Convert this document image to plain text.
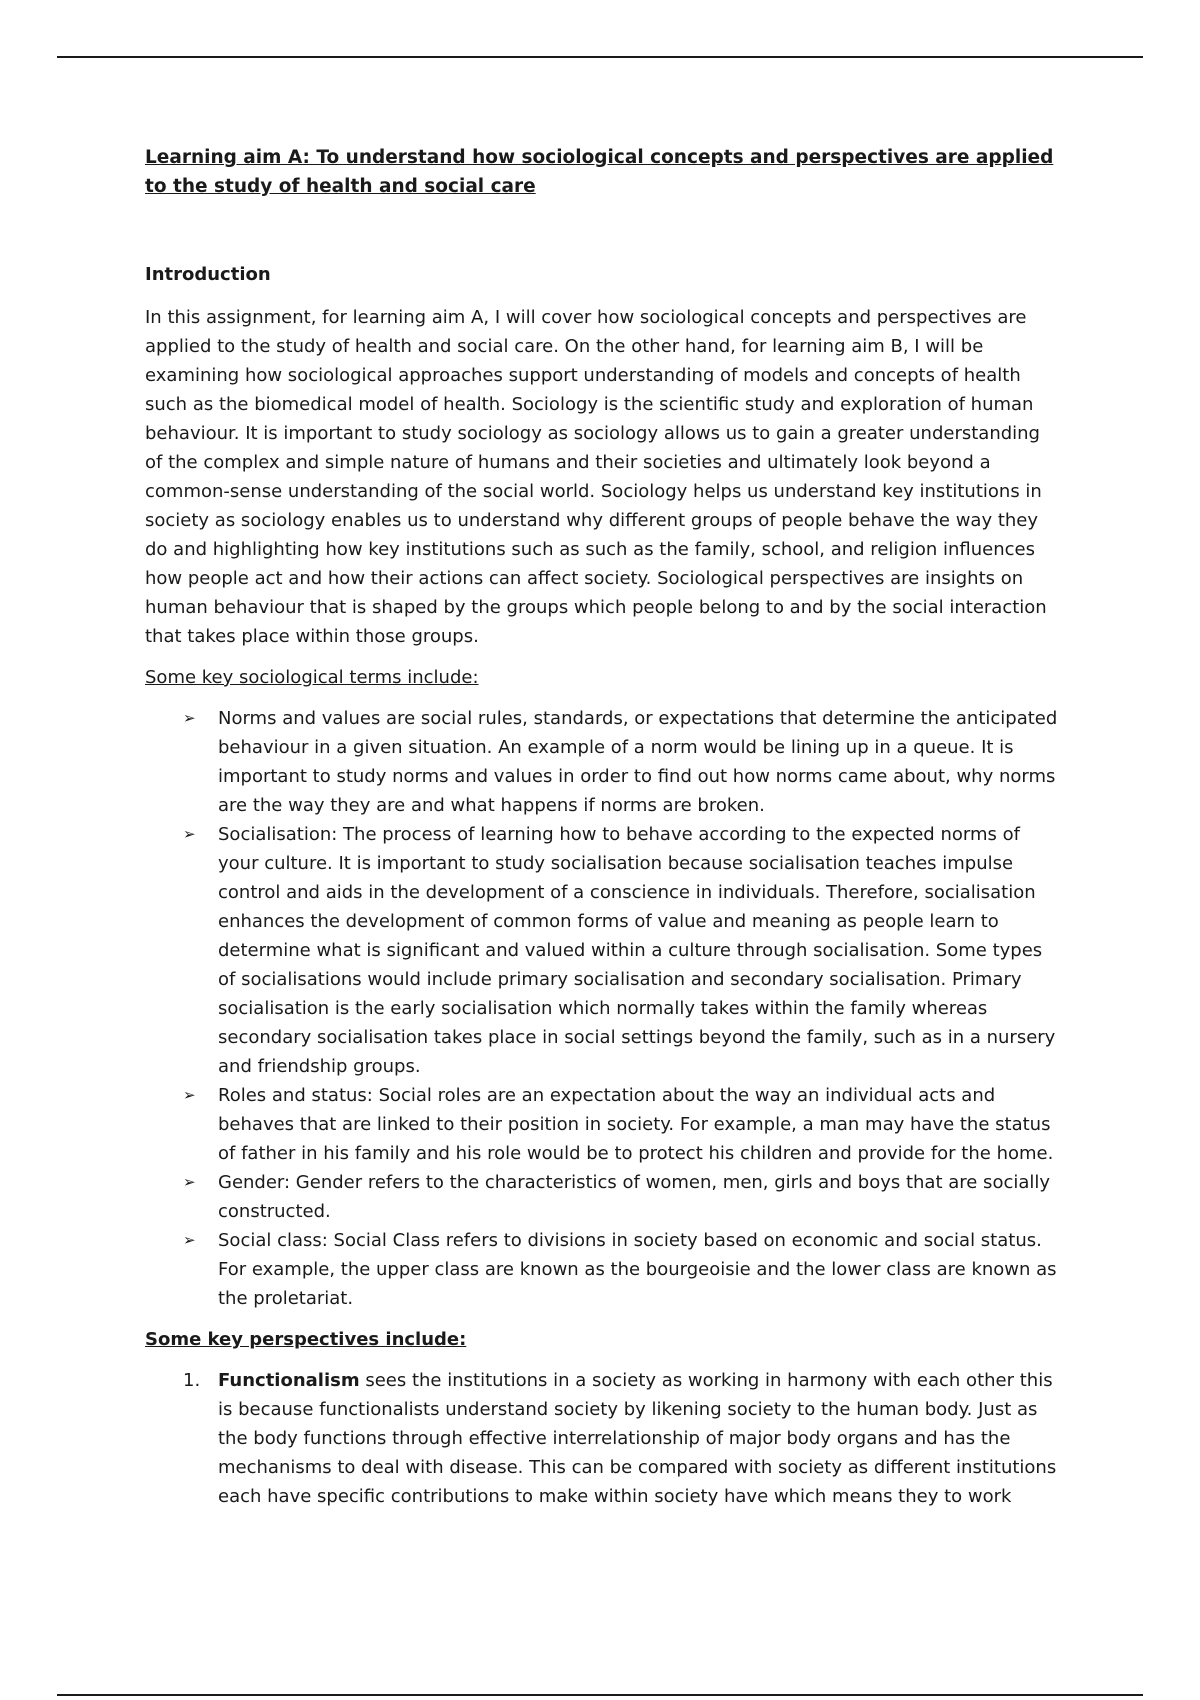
Learning aim A: To understand how sociological concepts and perspectives are applied to the study of health and social care

Introduction

In this assignment, for learning aim A, I will cover how sociological concepts and perspectives are applied to the study of health and social care. On the other hand, for learning aim B, I will be examining how sociological approaches support understanding of models and concepts of health such as the biomedical model of health. Sociology is the scientific study and exploration of human behaviour. It is important to study sociology as sociology allows us to gain a greater understanding of the complex and simple nature of humans and their societies and ultimately look beyond a common-sense understanding of the social world. Sociology helps us understand key institutions in society as sociology enables us to understand why different groups of people behave the way they do and highlighting how key institutions such as such as the family, school, and religion influences how people act and how their actions can affect society. Sociological perspectives are insights on human behaviour that is shaped by the groups which people belong to and by the social interaction that takes place within those groups.

Some key sociological terms include:

➢ Norms and values are social rules, standards, or expectations that determine the anticipated behaviour in a given situation. An example of a norm would be lining up in a queue. It is important to study norms and values in order to find out how norms came about, why norms are the way they are and what happens if norms are broken.
➢ Socialisation: The process of learning how to behave according to the expected norms of your culture. It is important to study socialisation because socialisation teaches impulse control and aids in the development of a conscience in individuals. Therefore, socialisation enhances the development of common forms of value and meaning as people learn to determine what is significant and valued within a culture through socialisation. Some types of socialisations would include primary socialisation and secondary socialisation. Primary socialisation is the early socialisation which normally takes within the family whereas secondary socialisation takes place in social settings beyond the family, such as in a nursery and friendship groups.
➢ Roles and status: Social roles are an expectation about the way an individual acts and behaves that are linked to their position in society. For example, a man may have the status of father in his family and his role would be to protect his children and provide for the home.
➢ Gender: Gender refers to the characteristics of women, men, girls and boys that are socially constructed.
➢ Social class: Social Class refers to divisions in society based on economic and social status. For example, the upper class are known as the bourgeoisie and the lower class are known as the proletariat.

Some key perspectives include:

1. Functionalism sees the institutions in a society as working in harmony with each other this is because functionalists understand society by likening society to the human body. Just as the body functions through effective interrelationship of major body organs and has the mechanisms to deal with disease. This can be compared with society as different institutions each have specific contributions to make within society have which means they to work
